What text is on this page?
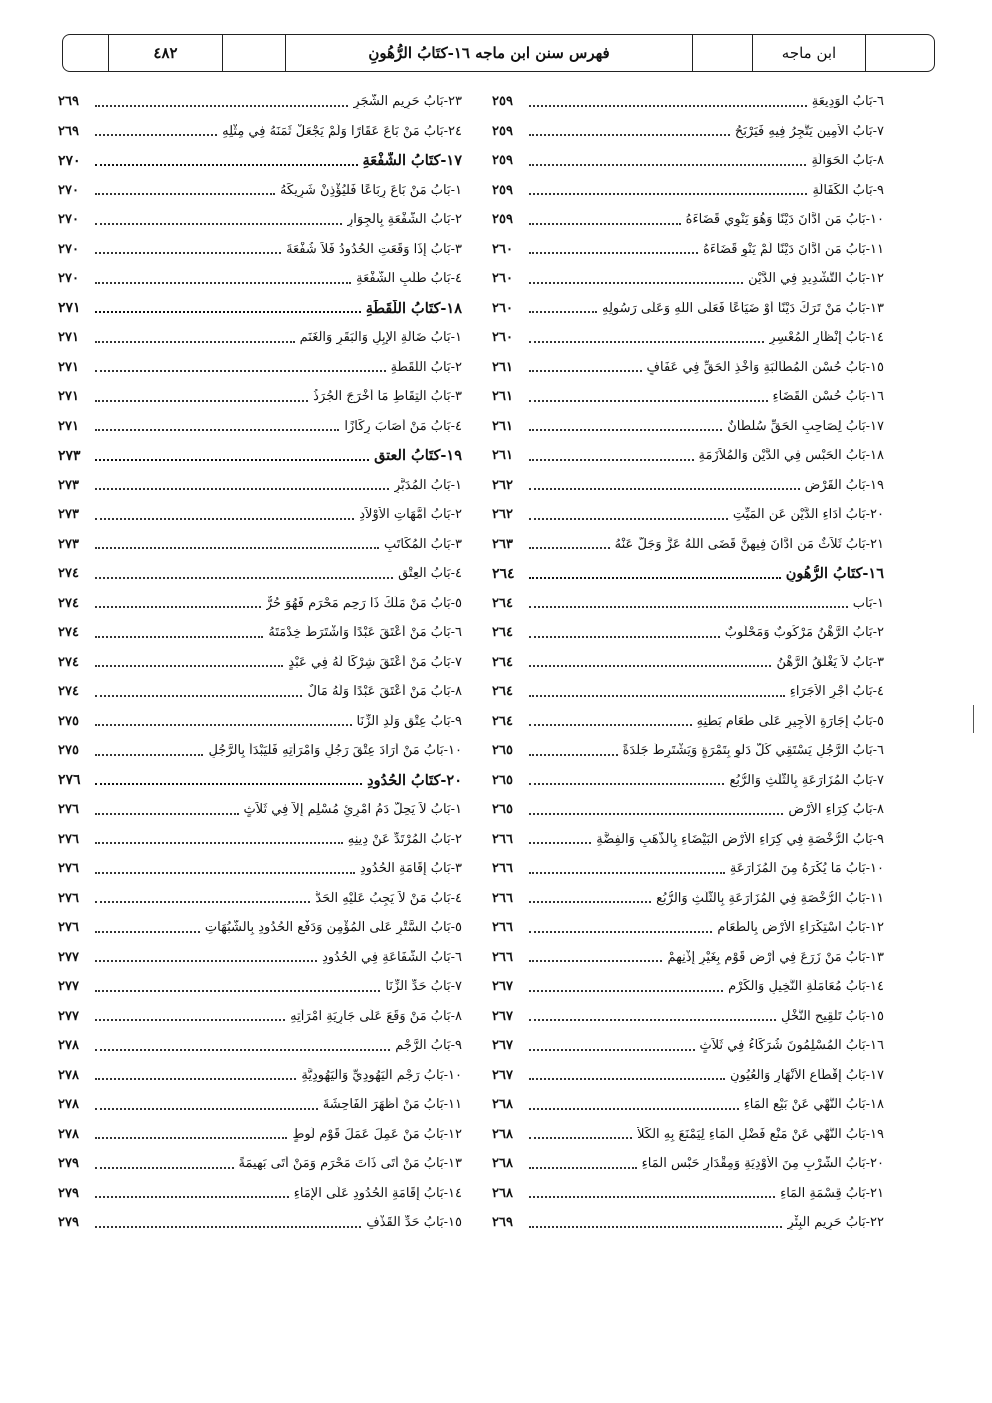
٤٨٢	فهرس سنن ابن ماجه ١٦-كتَابُ الرُّهُونِ	ابن ماجه
٦-بَابُ الْوَدِيعَةِ
٢٥٩
٧-بَابُ الأَمِينِ يَتَّجِرُ فِيهِ فَيَرْبَحُ
٢٥٩
٨-بَابُ الْحَوَالَةِ
٢٥٩
٩-بَابُ الْكَفَالَةِ
٢٥٩
١٠-بَابُ مَنِ ادَّانَ دَيْنًا وَهُوَ يَنْوِي قَضَاءَهُ
٢٥٩
١١-بَابُ مَنِ ادَّانَ دَيْنًا لَمْ يَنْوِ قَضَاءَهُ
٢٦٠
١٢-بَابُ التَّشْدِيدِ فِي الدَّيْنِ
٢٦٠
١٣-بَابُ مَنْ تَرَكَ دَيْنًا أَوْ ضَيَاعًا فَعَلَى اللَّهِ وَعَلَى رَسُولِهِ
٢٦٠
١٤-بَابُ إِنْظَارِ الْمُعْسِرِ
٢٦٠
١٥-بَابُ حُسْنِ الْمُطَالَبَةِ وَأَخْذِ الْحَقِّ فِي عَفَافٍ
٢٦١
١٦-بَابُ حُسْنِ الْقَضَاءِ
٢٦١
١٧-بَابُ لِصَاحِبِ الْحَقِّ سُلْطَانٌ
٢٦١
١٨-بَابُ الْحَبْسِ فِي الدَّيْنِ وَالْمُلاَزَمَةِ
٢٦١
١٩-بَابُ الْقَرْضِ
٢٦٢
٢٠-بَابُ أَدَاءِ الدَّيْنِ عَنِ الْمَيِّتِ
٢٦٢
٢١-بَابُ ثَلاَثٌ مَنِ ادَّانَ فِيهِنَّ قَضَى اللَّهُ عَزَّ وَجَلَّ عَنْهُ
٢٦٣
١٦-كتَابُ الرُّهُونِ
٢٦٤
١-بَاب
٢٦٤
٢-بَابُ الرَّهْنُ مَرْكُوبٌ وَمَحْلُوبٌ
٢٦٤
٣-بَابُ لاَ يَغْلَقُ الرَّهْنُ
٢٦٤
٤-بَابُ أَجْرِ الأُجَرَاءِ
٢٦٤
٥-بَابُ إِجَارَةِ الأَجِيرِ عَلَى طَعَامِ بَطْنِهِ
٢٦٤
٦-بَابُ الرَّجُلِ يَسْتَقِي كُلَّ دَلْوٍ بِتَمْرَةٍ وَيَشْتَرِطُ جَلْدَةً
٢٦٥
٧-بَابُ الْمُزَارَعَةِ بِالثُّلُثِ وَالرُّبُعِ
٢٦٥
٨-بَابُ كِرَاءِ الأَرْضِ
٢٦٥
٩-بَابُ الرُّخْصَةِ فِي كِرَاءِ الأَرْضِ الْبَيْضَاءِ بِالذَّهَبِ وَالْفِضَّةِ
٢٦٦
١٠-بَابُ مَا يُكْرَهُ مِنَ الْمُزَارَعَةِ
٢٦٦
١١-بَابُ الرُّخْصَةِ فِي الْمُزَارَعَةِ بِالثُّلُثِ وَالرُّبُعِ
٢٦٦
١٢-بَابُ اسْتِكْرَاءِ الأَرْضِ بِالطَّعَامِ
٢٦٦
١٣-بَابُ مَنْ زَرَعَ فِي أَرْضِ قَوْمٍ بِغَيْرِ إِذْنِهِمْ
٢٦٦
١٤-بَابُ مُعَامَلَةِ النَّخِيلِ وَالْكَرْمِ
٢٦٧
١٥-بَابُ تَلْقِيحِ النَّخْلِ
٢٦٧
١٦-بَابُ الْمُسْلِمُونَ شُرَكَاءُ فِي ثَلاَثٍ
٢٦٧
١٧-بَابُ إِقْطَاعِ الأَنْهَارِ وَالْعُيُونِ
٢٦٧
١٨-بَابُ النَّهْيِ عَنْ بَيْعِ الْمَاءِ
٢٦٨
١٩-بَابُ النَّهْيِ عَنْ مَنْعِ فَضْلِ الْمَاءِ لِيَمْنَعَ بِهِ الْكَلأَ
٢٦٨
٢٠-بَابُ الشُّرْبِ مِنَ الأَوْدِيَةِ وَمِقْدَارِ حَبْسِ الْمَاءِ
٢٦٨
٢١-بَابُ قِسْمَةِ الْمَاءِ
٢٦٨
٢٢-بَابُ حَرِيمِ الْبِئْرِ
٢٦٩
٢٣-بَابُ حَرِيمِ الشَّجَرِ
٢٦٩
٢٤-بَابُ مَنْ بَاعَ عَقَارًا وَلَمْ يَجْعَلْ ثَمَنَهُ فِي مِثْلِهِ
٢٦٩
١٧-كتَابُ الشُّفْعَةِ
٢٧٠
١-بَابُ مَنْ بَاعَ رِبَاعًا فَلْيُؤْذِنْ شَرِيكَهُ
٢٧٠
٢-بَابُ الشُّفْعَةِ بِالْجِوَارِ
٢٧٠
٣-بَابُ إِذَا وَقَعَتِ الْحُدُودُ فَلاَ شُفْعَةَ
٢٧٠
٤-بَابُ طَلَبِ الشُّفْعَةِ
٢٧٠
١٨-كتَابُ اللُّقَطَةِ
٢٧١
١-بَابُ ضَالَّةِ الإِبِلِ وَالْبَقَرِ وَالْغَنَمِ
٢٧١
٢-بَابُ اللُّقَطَةِ
٢٧١
٣-بَابُ الْتِقَاطِ مَا أَخْرَجَ الْجُرَذُ
٢٧١
٤-بَابُ مَنْ أَصَابَ رِكَازًا
٢٧١
١٩-كتَابُ العتقِ
٢٧٣
١-بَابُ الْمُدَبَّرِ
٢٧٣
٢-بَابُ أُمَّهَاتِ الأَوْلاَدِ
٢٧٣
٣-بَابُ الْمُكَاتَبِ
٢٧٣
٤-بَابُ الْعِتْقِ
٢٧٤
٥-بَابُ مَنْ مَلَكَ ذَا رَحِمٍ مَحْرَمٍ فَهُوَ حُرٌّ
٢٧٤
٦-بَابُ مَنْ أَعْتَقَ عَبْدًا وَاشْتَرَطَ خِدْمَتَهُ
٢٧٤
٧-بَابُ مَنْ أَعْتَقَ شِرْكًا لَهُ فِي عَبْدٍ
٢٧٤
٨-بَابُ مَنْ أَعْتَقَ عَبْدًا وَلَهُ مَالٌ
٢٧٤
٩-بَابُ عِتْقِ وَلَدِ الزِّنَا
٢٧٥
١٠-بَابُ مَنْ أَرَادَ عِتْقَ رَجُلٍ وَامْرَأَتِهِ فَلْيَبْدَأْ بِالرَّجُلِ
٢٧٥
٢٠-كتَابُ الحُدُودِ
٢٧٦
١-بَابُ لاَ يَحِلُّ دَمُ امْرِئٍ مُسْلِمٍ إِلاَّ فِي ثَلاَثٍ
٢٧٦
٢-بَابُ الْمُرْتَدِّ عَنْ دِينِهِ
٢٧٦
٣-بَابُ إِقَامَةِ الْحُدُودِ
٢٧٦
٤-بَابُ مَنْ لاَ يَجِبُ عَلَيْهِ الْحَدُّ
٢٧٦
٥-بَابُ السَّتْرِ عَلَى الْمُؤْمِنِ وَدَفْعِ الْحُدُودِ بِالشُّبُهَاتِ
٢٧٦
٦-بَابُ الشَّفَاعَةِ فِي الْحُدُودِ
٢٧٧
٧-بَابُ حَدِّ الزِّنَا
٢٧٧
٨-بَابُ مَنْ وَقَعَ عَلَى جَارِيَةِ امْرَأَتِهِ
٢٧٧
٩-بَابُ الرَّجْمِ
٢٧٨
١٠-بَابُ رَجْمِ الْيَهُودِيِّ وَالْيَهُودِيَّةِ
٢٧٨
١١-بَابُ مَنْ أَظْهَرَ الْفَاحِشَةَ
٢٧٨
١٢-بَابُ مَنْ عَمِلَ عَمَلَ قَوْمِ لُوطٍ
٢٧٨
١٣-بَابُ مَنْ أَتَى ذَاتَ مَحْرَمٍ وَمَنْ أَتَى بَهِيمَةً
٢٧٩
١٤-بَابُ إِقَامَةِ الْحُدُودِ عَلَى الإِمَاءِ
٢٧٩
١٥-بَابُ حَدِّ الْقَذْفِ
٢٧٩
